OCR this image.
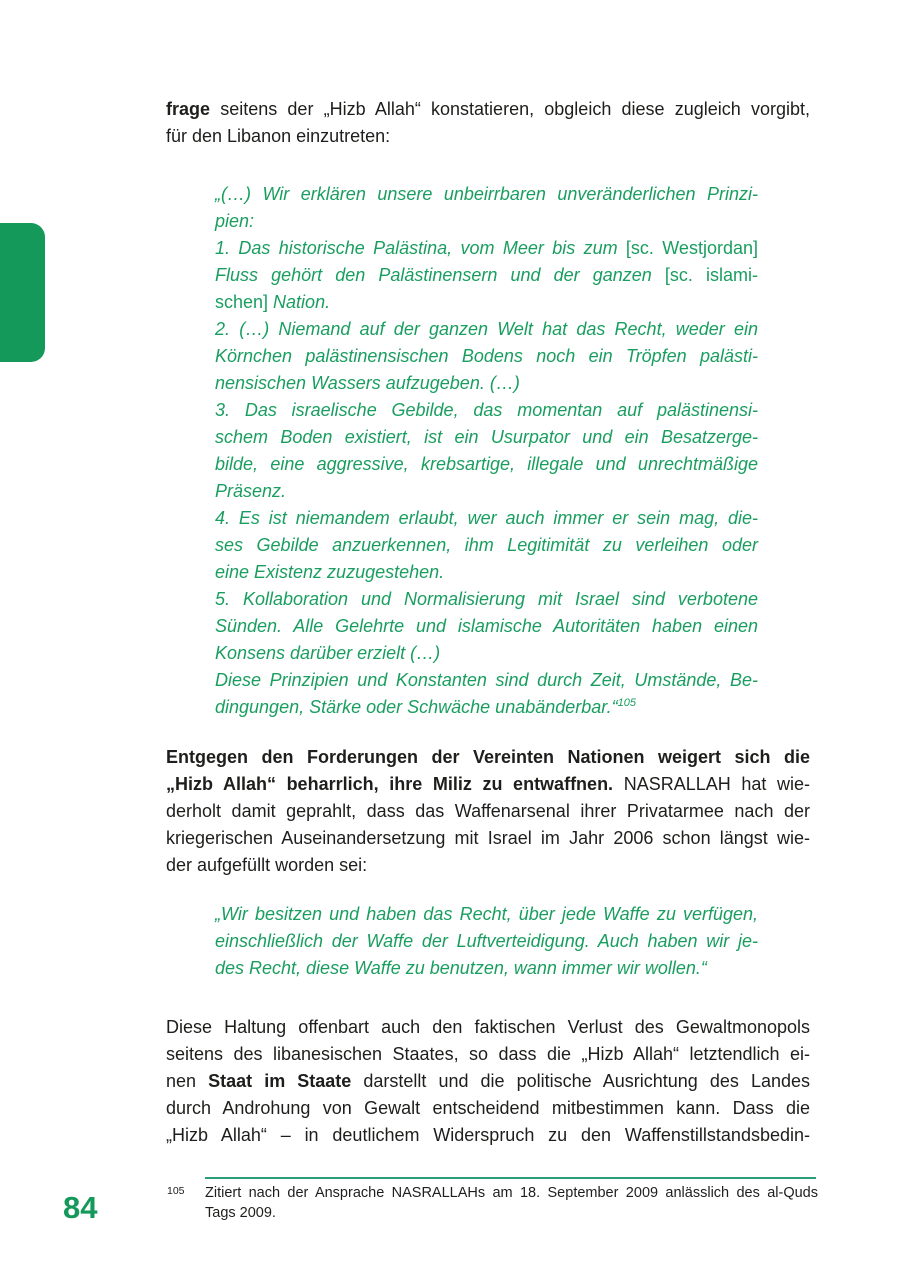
frage seitens der „Hizb Allah“ konstatieren, obgleich diese zugleich vorgibt,
für den Libanon einzutreten:
„(…) Wir erklären unsere unbeirrbaren unveränderlichen Prinzi-
pien:
1. Das historische Palästina, vom Meer bis zum [sc. Westjordan]
Fluss gehört den Palästinensern und der ganzen [sc. islami-
schen] Nation.
2. (…) Niemand auf der ganzen Welt hat das Recht, weder ein
Körnchen palästinensischen Bodens noch ein Tröpfen palästi-
nensischen Wassers aufzugeben. (…)
3. Das israelische Gebilde, das momentan auf palästinensi-
schem Boden existiert, ist ein Usurpator und ein Besatzerge-
bilde, eine aggressive, krebsartige, illegale und unrechtmäßige
Präsenz.
4. Es ist niemandem erlaubt, wer auch immer er sein mag, die-
ses Gebilde anzuerkennen, ihm Legitimität zu verleihen oder
eine Existenz zuzugestehen.
5. Kollaboration und Normalisierung mit Israel sind verbotene
Sünden. Alle Gelehrte und islamische Autoritäten haben einen
Konsens darüber erzielt (…)
Diese Prinzipien und Konstanten sind durch Zeit, Umstände, Be-
dingungen, Stärke oder Schwäche unabänderbar.“$^{105}$
Entgegen den Forderungen der Vereinten Nationen weigert sich die
„Hizb Allah“ beharrlich, ihre Miliz zu entwaffnen. NASRALLAH hat wie-
derholt damit geprahlt, dass das Waffenarsenal ihrer Privatarmee nach der
kriegerischen Auseinandersetzung mit Israel im Jahr 2006 schon längst wie-
der aufgefüllt worden sei:
„Wir besitzen und haben das Recht, über jede Waffe zu verfügen,
einschließlich der Waffe der Luftverteidigung. Auch haben wir je-
des Recht, diese Waffe zu benutzen, wann immer wir wollen.“
Diese Haltung offenbart auch den faktischen Verlust des Gewaltmonopols
seitens des libanesischen Staates, so dass die „Hizb Allah“ letztendlich ei-
nen Staat im Staate darstellt und die politische Ausrichtung des Landes
durch Androhung von Gewalt entscheidend mitbestimmen kann. Dass die
„Hizb Allah“ – in deutlichem Widerspruch zu den Waffenstillstandsbedin-
105 Zitiert nach der Ansprache NASRALLAHs am 18. September 2009 anlässlich des al-Quds
Tags 2009.
84
